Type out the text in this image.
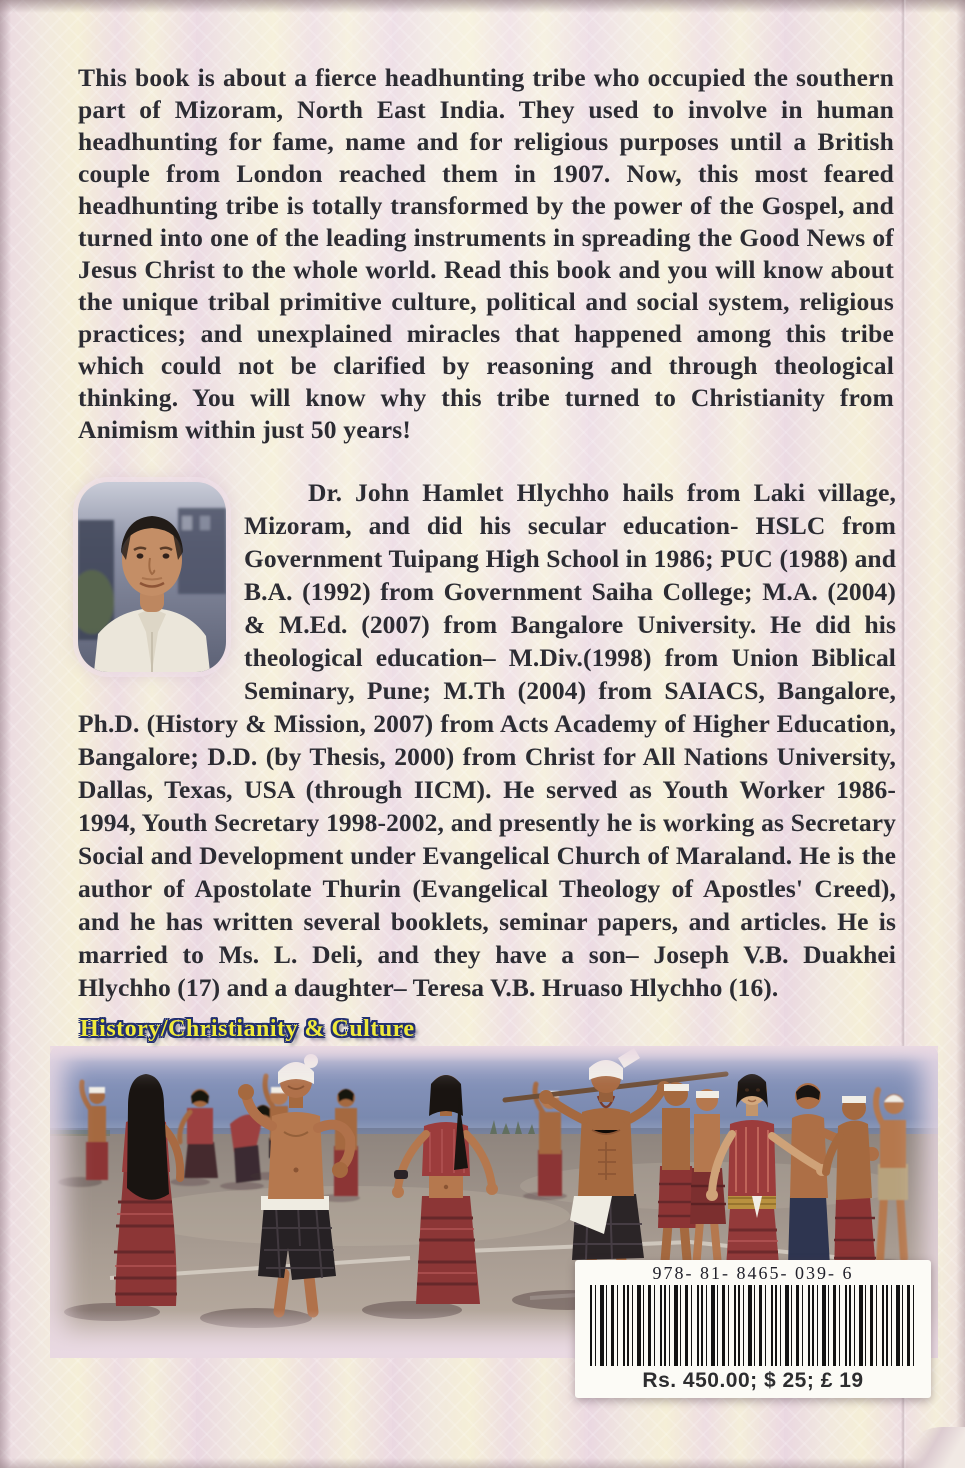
This book is about a fierce headhunting tribe who occupied the southern part of Mizoram, North East India. They used to involve in human headhunting for fame, name and for religious purposes until a British couple from London reached them in 1907. Now, this most feared headhunting tribe is totally transformed by the power of the Gospel, and turned into one of the leading instruments in spreading the Good News of Jesus Christ to the whole world. Read this book and you will know about the unique tribal primitive culture, political and social system, religious practices; and unexplained miracles that happened among this tribe which could not be clarified by reasoning and through theological thinking. You will know why this tribe turned to Christianity from Animism within just 50 years!

Dr. John Hamlet Hlychho hails from Laki village, Mizoram, and did his secular education- HSLC from Government Tuipang High School in 1986; PUC (1988) and B.A. (1992) from Government Saiha College; M.A. (2004) & M.Ed. (2007) from Bangalore University. He did his theological education– M.Div.(1998) from Union Biblical Seminary, Pune; M.Th (2004) from SAIACS, Bangalore, Ph.D. (History & Mission, 2007) from Acts Academy of Higher Education, Bangalore; D.D. (by Thesis, 2000) from Christ for All Nations University, Dallas, Texas, USA (through IICM). He served as Youth Worker 1986-1994, Youth Secretary 1998-2002, and presently he is working as Secretary Social and Development under Evangelical Church of Maraland. He is the author of Apostolate Thurin (Evangelical Theology of Apostles' Creed), and he has written several booklets, seminar papers, and articles. He is married to Ms. L. Deli, and they have a son– Joseph V.B. Duakhei Hlychho (17) and a daughter– Teresa V.B. Hruaso Hlychho (16).

History/Christianity & Culture

978- 81- 8465- 039- 6
Rs. 450.00; $ 25; £ 19
